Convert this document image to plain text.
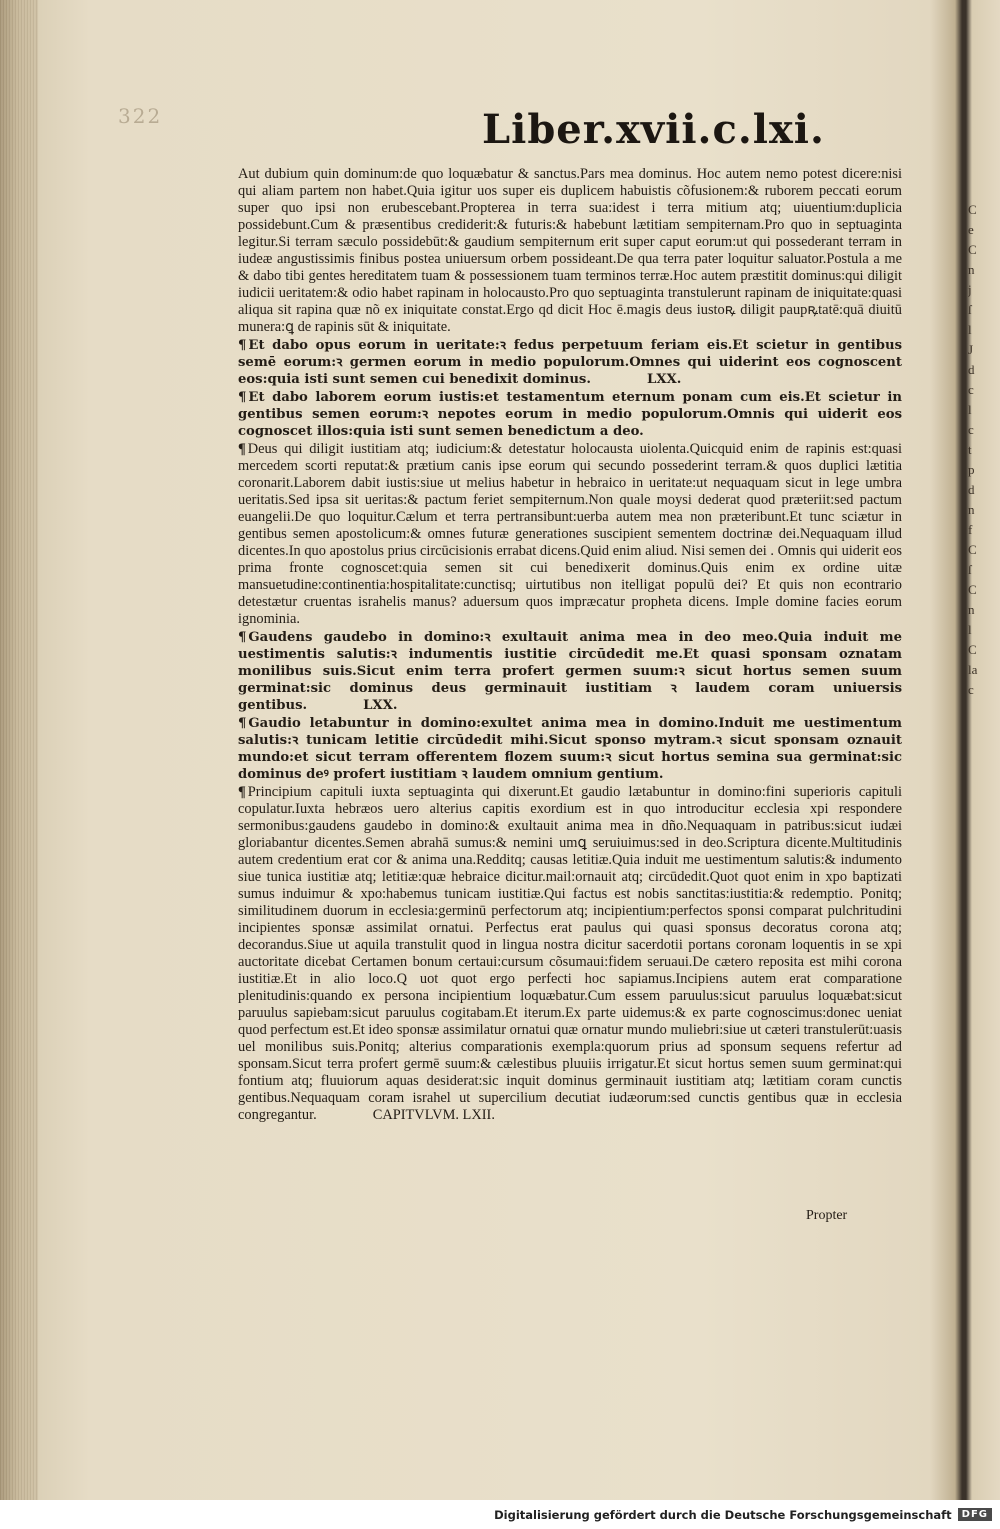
322	Liber.xvii.c.lxi.
Aut dubium quin dominum:de quo loquæbatur & sanctus.Pars mea dominus. Hoc autem nemo potest dicere:nisi qui aliam partem non habet.Quia igitur uos super eis duplicem habuistis cõfusionem:& ruborem peccati eorum super quo ipsi non erubescebant.Propterea in terra sua:idest i terra mitium atq; uiuentium:duplicia possidebunt.Cum & præsentibus crediderit:& futuris:& habebunt lætitiam sempiternam.Pro quo in septuaginta legitur.Si terram sæculo possidebūt:& gaudium sempiternum erit super caput eorum:ut qui possederant terram in iudeæ angustissimis finibus postea uniuersum orbem possideant.De qua terra pater loquitur saluator.Postula a me & dabo tibi gentes hereditatem tuam & possessionem tuam terminos terræ.Hoc autem præstitit dominus:qui diligit iudicii ueritatem:& odio habet rapinam in holocausto.Pro quo septuaginta transtulerunt rapinam de iniquitate:quasi aliqua sit rapina quæ nõ ex iniquitate constat.Ergo qd dicit Hoc ē.magis deus iustoꝶ diligit paupꝶtatē:quā diuitū munera:ꝗ de rapinis sūt & iniquitate.
¶ Et dabo opus eorum in ueritate:ꝛ fedus perpetuum feriam eis.Et scietur in gentibus semē eorum:ꝛ germen eorum in medio populorum.Omnes qui uiderint eos cognoscent eos:quia isti sunt semen cui benedixit dominus.	LXX.
¶ Et dabo laborem eorum iustis:et testamentum eternum ponam cum eis.Et scietur in gentibus semen eorum:ꝛ nepotes eorum in medio populorum.Omnis qui uiderit eos cognoscet illos:quia isti sunt semen benedictum a deo.
¶ Deus qui diligit iustitiam atq; iudicium:& detestatur holocausta uiolenta.Quicquid enim de rapinis est:quasi mercedem scorti reputat:& prætium canis ipse eorum qui secundo possederint terram.& quos duplici lætitia coronarit.Laborem dabit iustis:siue ut melius habetur in hebraico in ueritate:ut nequaquam sicut in lege umbra ueritatis.Sed ipsa sit ueritas:& pactum feriet sempiternum.Non quale moysi dederat quod præteriit:sed pactum euangelii.De quo loquitur.Cælum et terra pertransibunt:uerba autem mea non præteribunt.Et tunc sciætur in gentibus semen apostolicum:& omnes futuræ generationes suscipient sementem doctrinæ dei.Nequaquam illud dicentes.In quo apostolus prius circūcisionis errabat dicens.Quid enim aliud. Nisi semen dei . Omnis qui uiderit eos prima fronte cognoscet:quia semen sit cui benedixerit dominus.Quis enim ex ordine uitæ mansuetudine:continentia:hospitalitate:cunctisq; uirtutibus non itelligat populū dei? Et quis non econtrario detestætur cruentas israhelis manus? aduersum quos impræcatur propheta dicens. Imple domine facies eorum ignominia.
¶ Gaudens gaudebo in domino:ꝛ exultauit anima mea in deo meo.Quia induit me uestimentis salutis:ꝛ indumentis iustitie circūdedit me.Et quasi sponsam oznatam monilibus suis.Sicut enim terra profert germen suum:ꝛ sicut hortus semen suum germinat:sic dominus deus germinauit iustitiam ꝛ laudem coram uniuersis gentibus.	LXX.
¶ Gaudio letabuntur in domino:exultet anima mea in domino.Induit me uestimentum salutis:ꝛ tunicam letitie circūdedit mihi.Sicut sponso mytram.ꝛ sicut sponsam oznauit mundo:et sicut terram offerentem flozem suum:ꝛ sicut hortus semina sua germinat:sic dominus deꝰ profert iustitiam ꝛ laudem omnium gentium.
¶ Principium capituli iuxta septuaginta qui dixerunt.Et gaudio lætabuntur in domino:fini superioris capituli copulatur.Iuxta hebræos uero alterius capitis exordium est in quo introducitur ecclesia xpi respondere sermonibus:gaudens gaudebo in domino:& exultauit anima mea in dño.Nequaquam in patribus:sicut iudæi gloriabantur dicentes.Semen abrahā sumus:& nemini umꝗ seruiuimus:sed in deo.Scriptura dicente.Multitudinis autem credentium erat cor & anima una.Redditq; causas letitiæ.Quia induit me uestimentum salutis:& indumento siue tunica iustitiæ atq; letitiæ:quæ hebraice dicitur.mail:ornauit atq; circūdedit.Quot quot enim in xpo baptizati sumus induimur & xpo:habemus tunicam iustitiæ.Qui factus est nobis sanctitas:iustitia:& redemptio. Ponitq; similitudinem duorum in ecclesia:germinū perfectorum atq; incipientium:perfectos sponsi comparat pulchritudini incipientes sponsæ assimilat ornatui. Perfectus erat paulus qui quasi sponsus decoratus corona atq; decorandus.Siue ut aquila transtulit quod in lingua nostra dicitur sacerdotii portans coronam loquentis in se xpi auctoritate dicebat Certamen bonum certaui:cursum cõsumaui:fidem seruaui.De cætero reposita est mihi corona iustitiæ.Et in alio loco.Q uot quot ergo perfecti hoc sapiamus.Incipiens autem erat comparatione plenitudinis:quando ex persona incipientium loquæbatur.Cum essem paruulus:sicut paruulus loquæbat:sicut paruulus sapiebam:sicut paruulus cogitabam.Et iterum.Ex parte uidemus:& ex parte cognoscimus:donec ueniat quod perfectum est.Et ideo sponsæ assimilatur ornatui quæ ornatur mundo muliebri:siue ut cæteri transtulerūt:uasis uel monilibus suis.Ponitq; alterius comparationis exempla:quorum prius ad sponsum sequens refertur ad sponsam.Sicut terra profert germē suum:& cælestibus pluuiis irrigatur.Et sicut hortus semen suum germinat:qui fontium atq; fluuiorum aquas desiderat:sic inquit dominus germinauit iustitiam atq; lætitiam coram cunctis gentibus.Nequaquam coram israhel ut supercilium decutiat iudæorum:sed cunctis gentibus quæ in ecclesia congregantur.	CAPITVLVM. LXII.
Propter
C
e
C
n
j
ſ
l
J
d
c
l
c
t
p
d
n
f
C
ſ
C
n
l
C
la
c
Digitalisierung gefördert durch die Deutsche Forschungsgemeinschaft	DFG
